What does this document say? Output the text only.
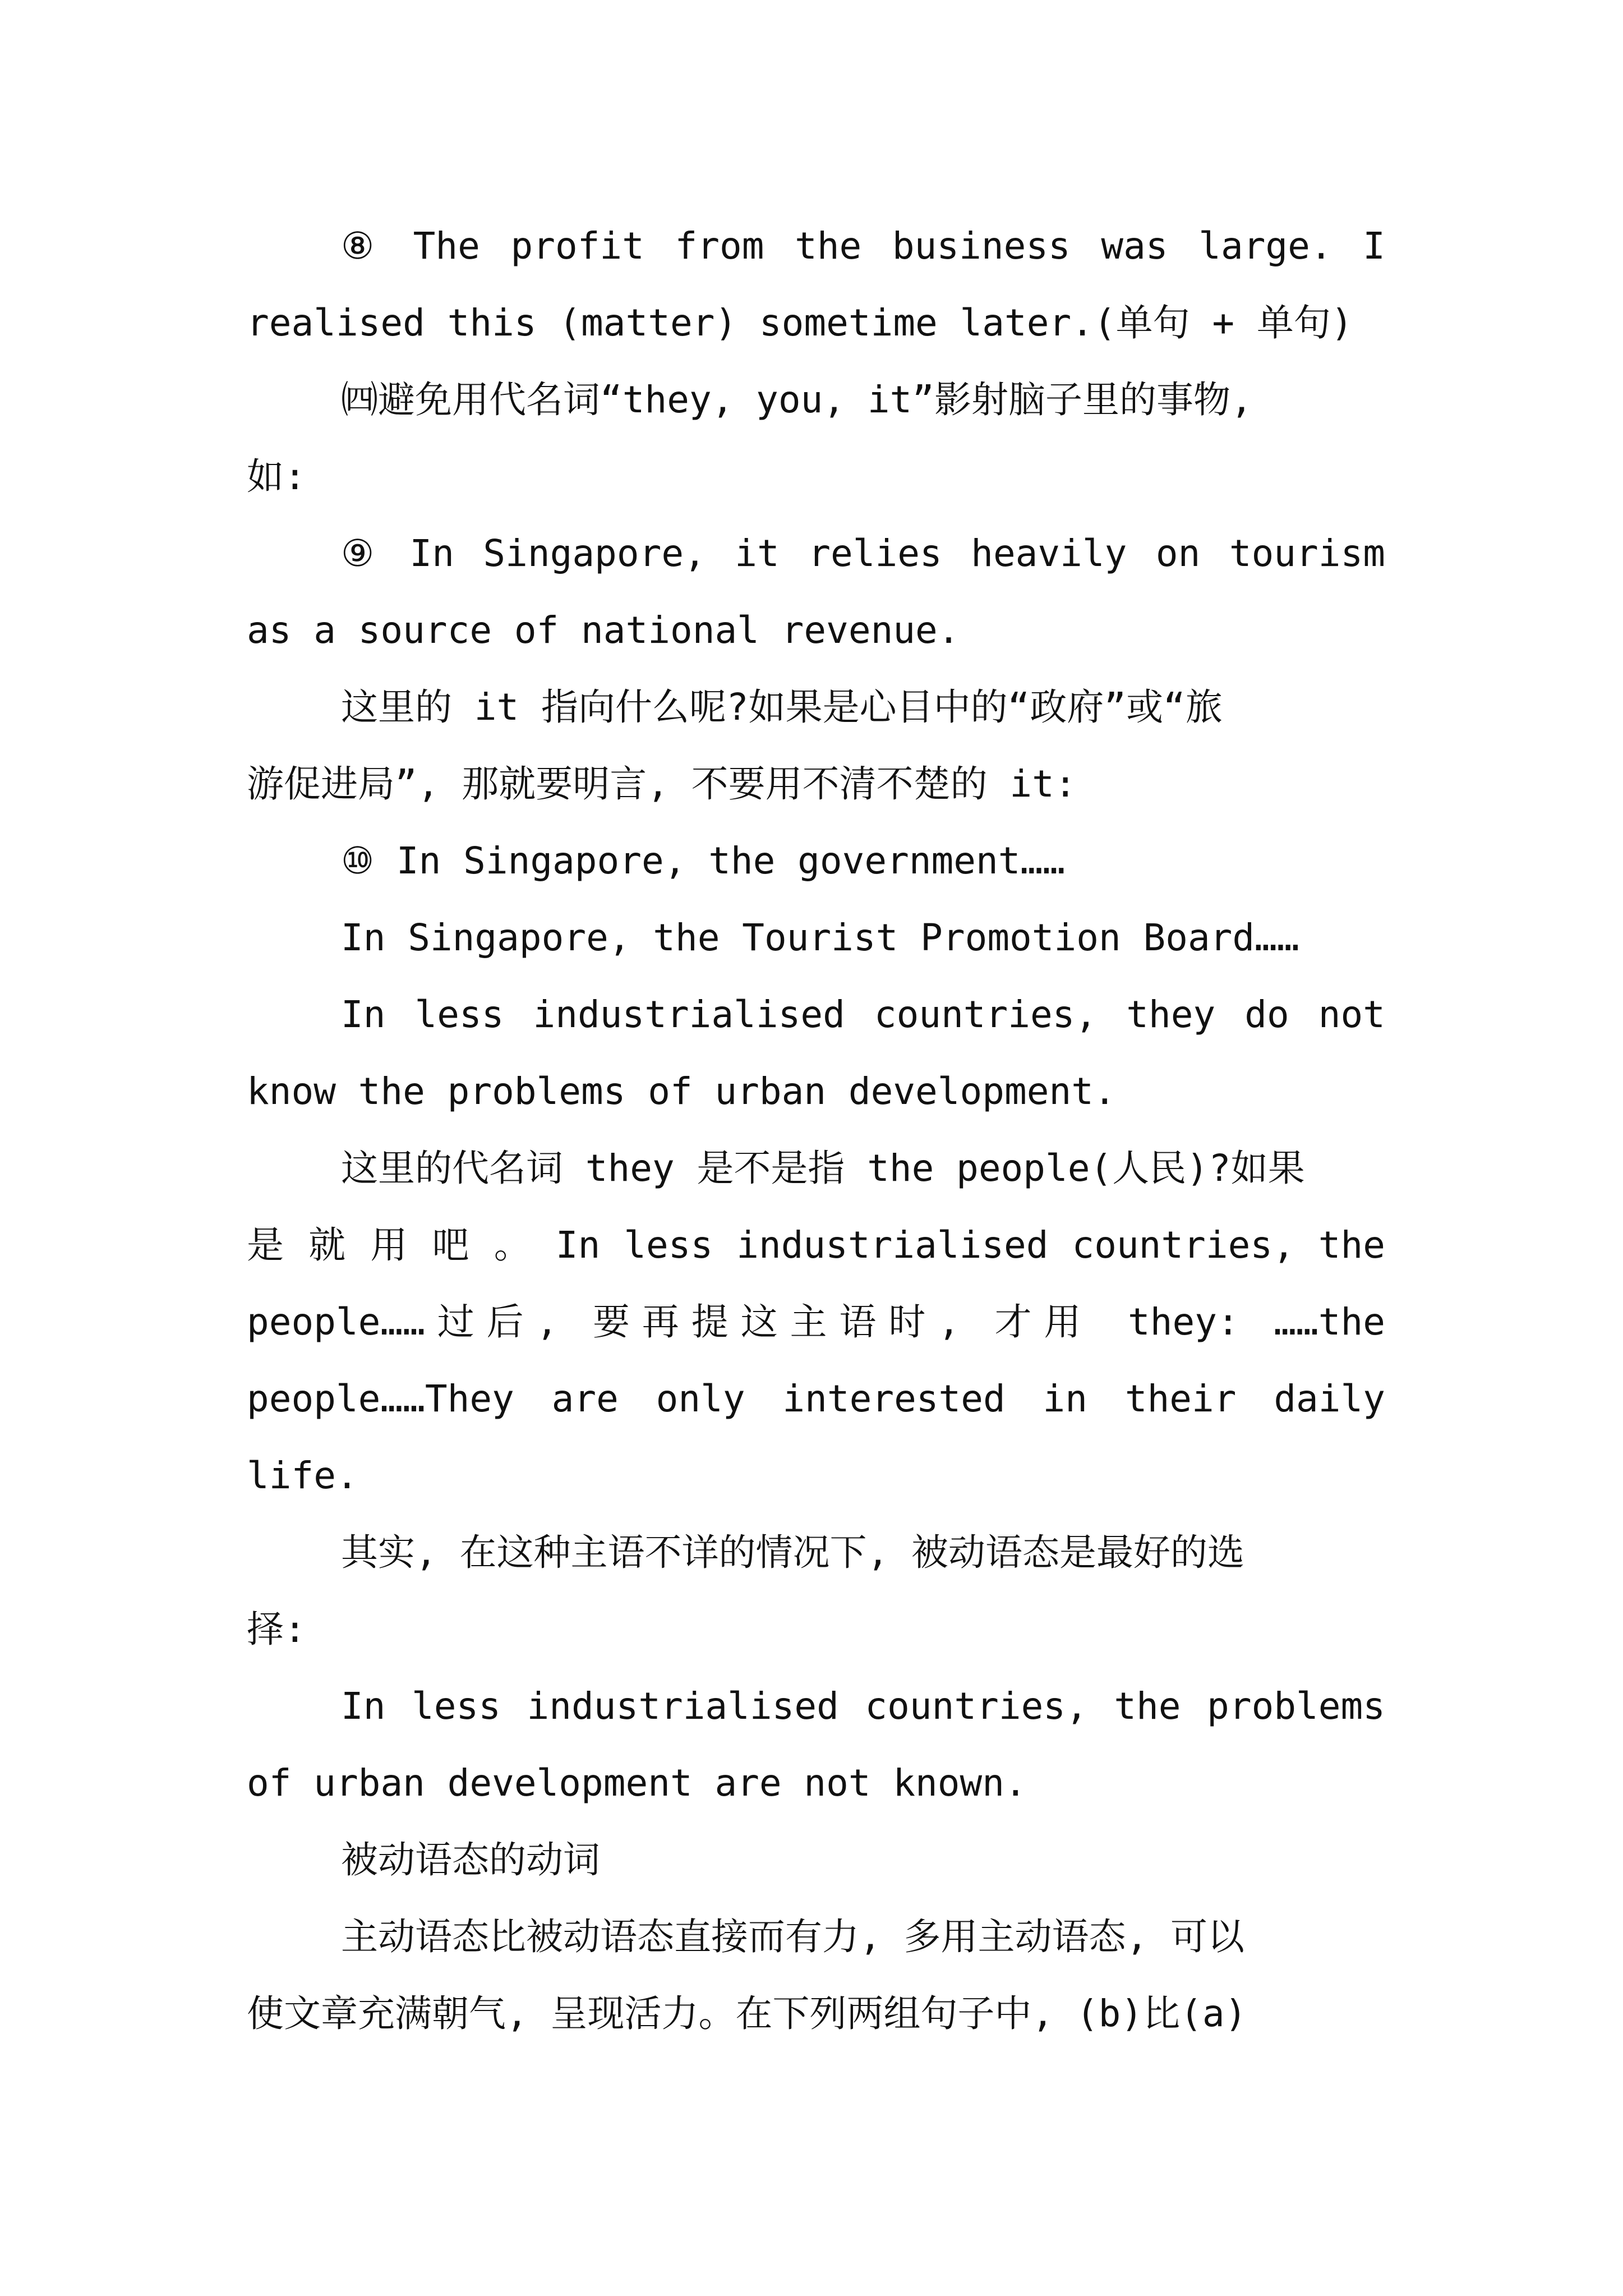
⑧ The profit from the business was large. I
realised this (matter) sometime later.(单句 + 单句)
㈣避免用代名词“they, you, it”影射脑子里的事物,
如:
⑨ In Singapore, it relies heavily on tourism
as a source of national revenue.
这里的 it 指向什么呢?如果是心目中的“政府”或“旅
游促进局”, 那就要明言, 不要用不清不楚的 it:
⑩ In Singapore, the government……
In Singapore, the Tourist Promotion Board……
In less industrialised countries, they do not
know the problems of urban development.
这里的代名词 they 是不是指 the people(人民)?如果
是 就 用 吧 。 In less industrialised countries, the
people……过后, 要再提这主语时, 才用 they: ……the
people……They are only interested in their daily
life.
其实, 在这种主语不详的情况下, 被动语态是最好的选
择:
In less industrialised countries, the problems
of urban development are not known.
被动语态的动词
主动语态比被动语态直接而有力, 多用主动语态, 可以
使文章充满朝气, 呈现活力。在下列两组句子中, (b)比(a)
